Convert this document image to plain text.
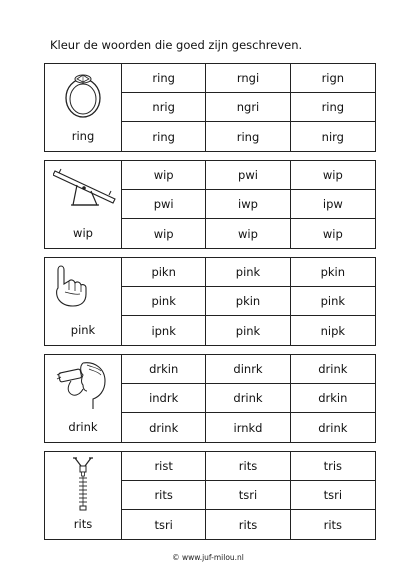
Kleur de woorden die goed zijn geschreven.
ring
ring	rngi	rign
nrig	ngri	ring
ring	ring	nirg
wip
wip	pwi	wip
pwi	iwp	ipw
wip	wip	wip
pink
pikn	pink	pkin
pink	pkin	pink
ipnk	pink	nipk
drink
drkin	dinrk	drink
indrk	drink	drkin
drink	irnkd	drink
rits
rist	rits	tris
rits	tsri	tsri
tsri	rits	rits
© www.juf-milou.nl
